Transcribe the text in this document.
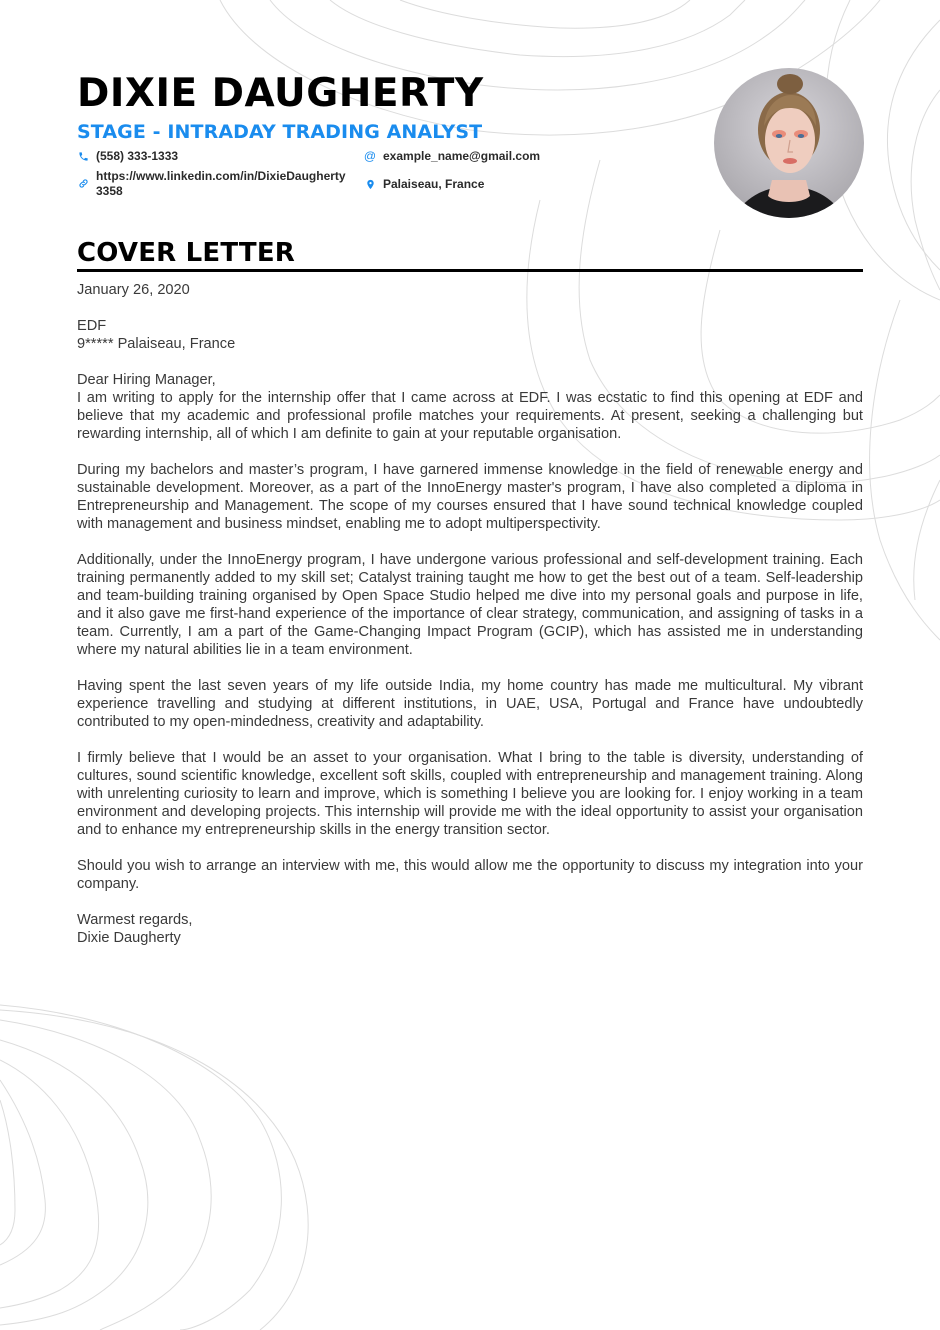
DIXIE DAUGHERTY
STAGE - INTRADAY TRADING ANALYST
(558) 333-1333	@ example_name@gmail.com
https://www.linkedin.com/in/DixieDaugherty
3358	Palaiseau, France
COVER LETTER

January 26, 2020

EDF

9***** Palaiseau, France

Dear Hiring Manager,

I am writing to apply for the internship offer that I came across at EDF. I was ecstatic to find this opening at EDF and believe that my academic and professional profile matches your requirements. At present, seeking a challenging but rewarding internship, all of which I am definite to gain at your reputable organisation.

During my bachelors and master’s program, I have garnered immense knowledge in the field of renewable energy and sustainable development. Moreover, as a part of the InnoEnergy master's program, I have also completed a diploma in Entrepreneurship and Management. The scope of my courses ensured that I have sound technical knowledge coupled with management and business mindset, enabling me to adopt multiperspectivity.

Additionally, under the InnoEnergy program, I have undergone various professional and self-development training. Each training permanently added to my skill set; Catalyst training taught me how to get the best out of a team. Self-leadership and team-building training organised by Open Space Studio helped me dive into my personal goals and purpose in life, and it also gave me first-hand experience of the importance of clear strategy, communication, and assigning of tasks in a team. Currently, I am a part of the Game-Changing Impact Program (GCIP), which has assisted me in understanding where my natural abilities lie in a team environment.

Having spent the last seven years of my life outside India, my home country has made me multicultural. My vibrant experience travelling and studying at different institutions, in UAE, USA, Portugal and France have undoubtedly contributed to my open-mindedness, creativity and adaptability.

I firmly believe that I would be an asset to your organisation. What I bring to the table is diversity, understanding of cultures, sound scientific knowledge, excellent soft skills, coupled with entrepreneurship and management training. Along with unrelenting curiosity to learn and improve, which is something I believe you are looking for. I enjoy working in a team environment and developing projects. This internship will provide me with the ideal opportunity to assist your organisation and to enhance my entrepreneurship skills in the energy transition sector.

Should you wish to arrange an interview with me, this would allow me the opportunity to discuss my integration into your company.

Warmest regards,

Dixie Daugherty
